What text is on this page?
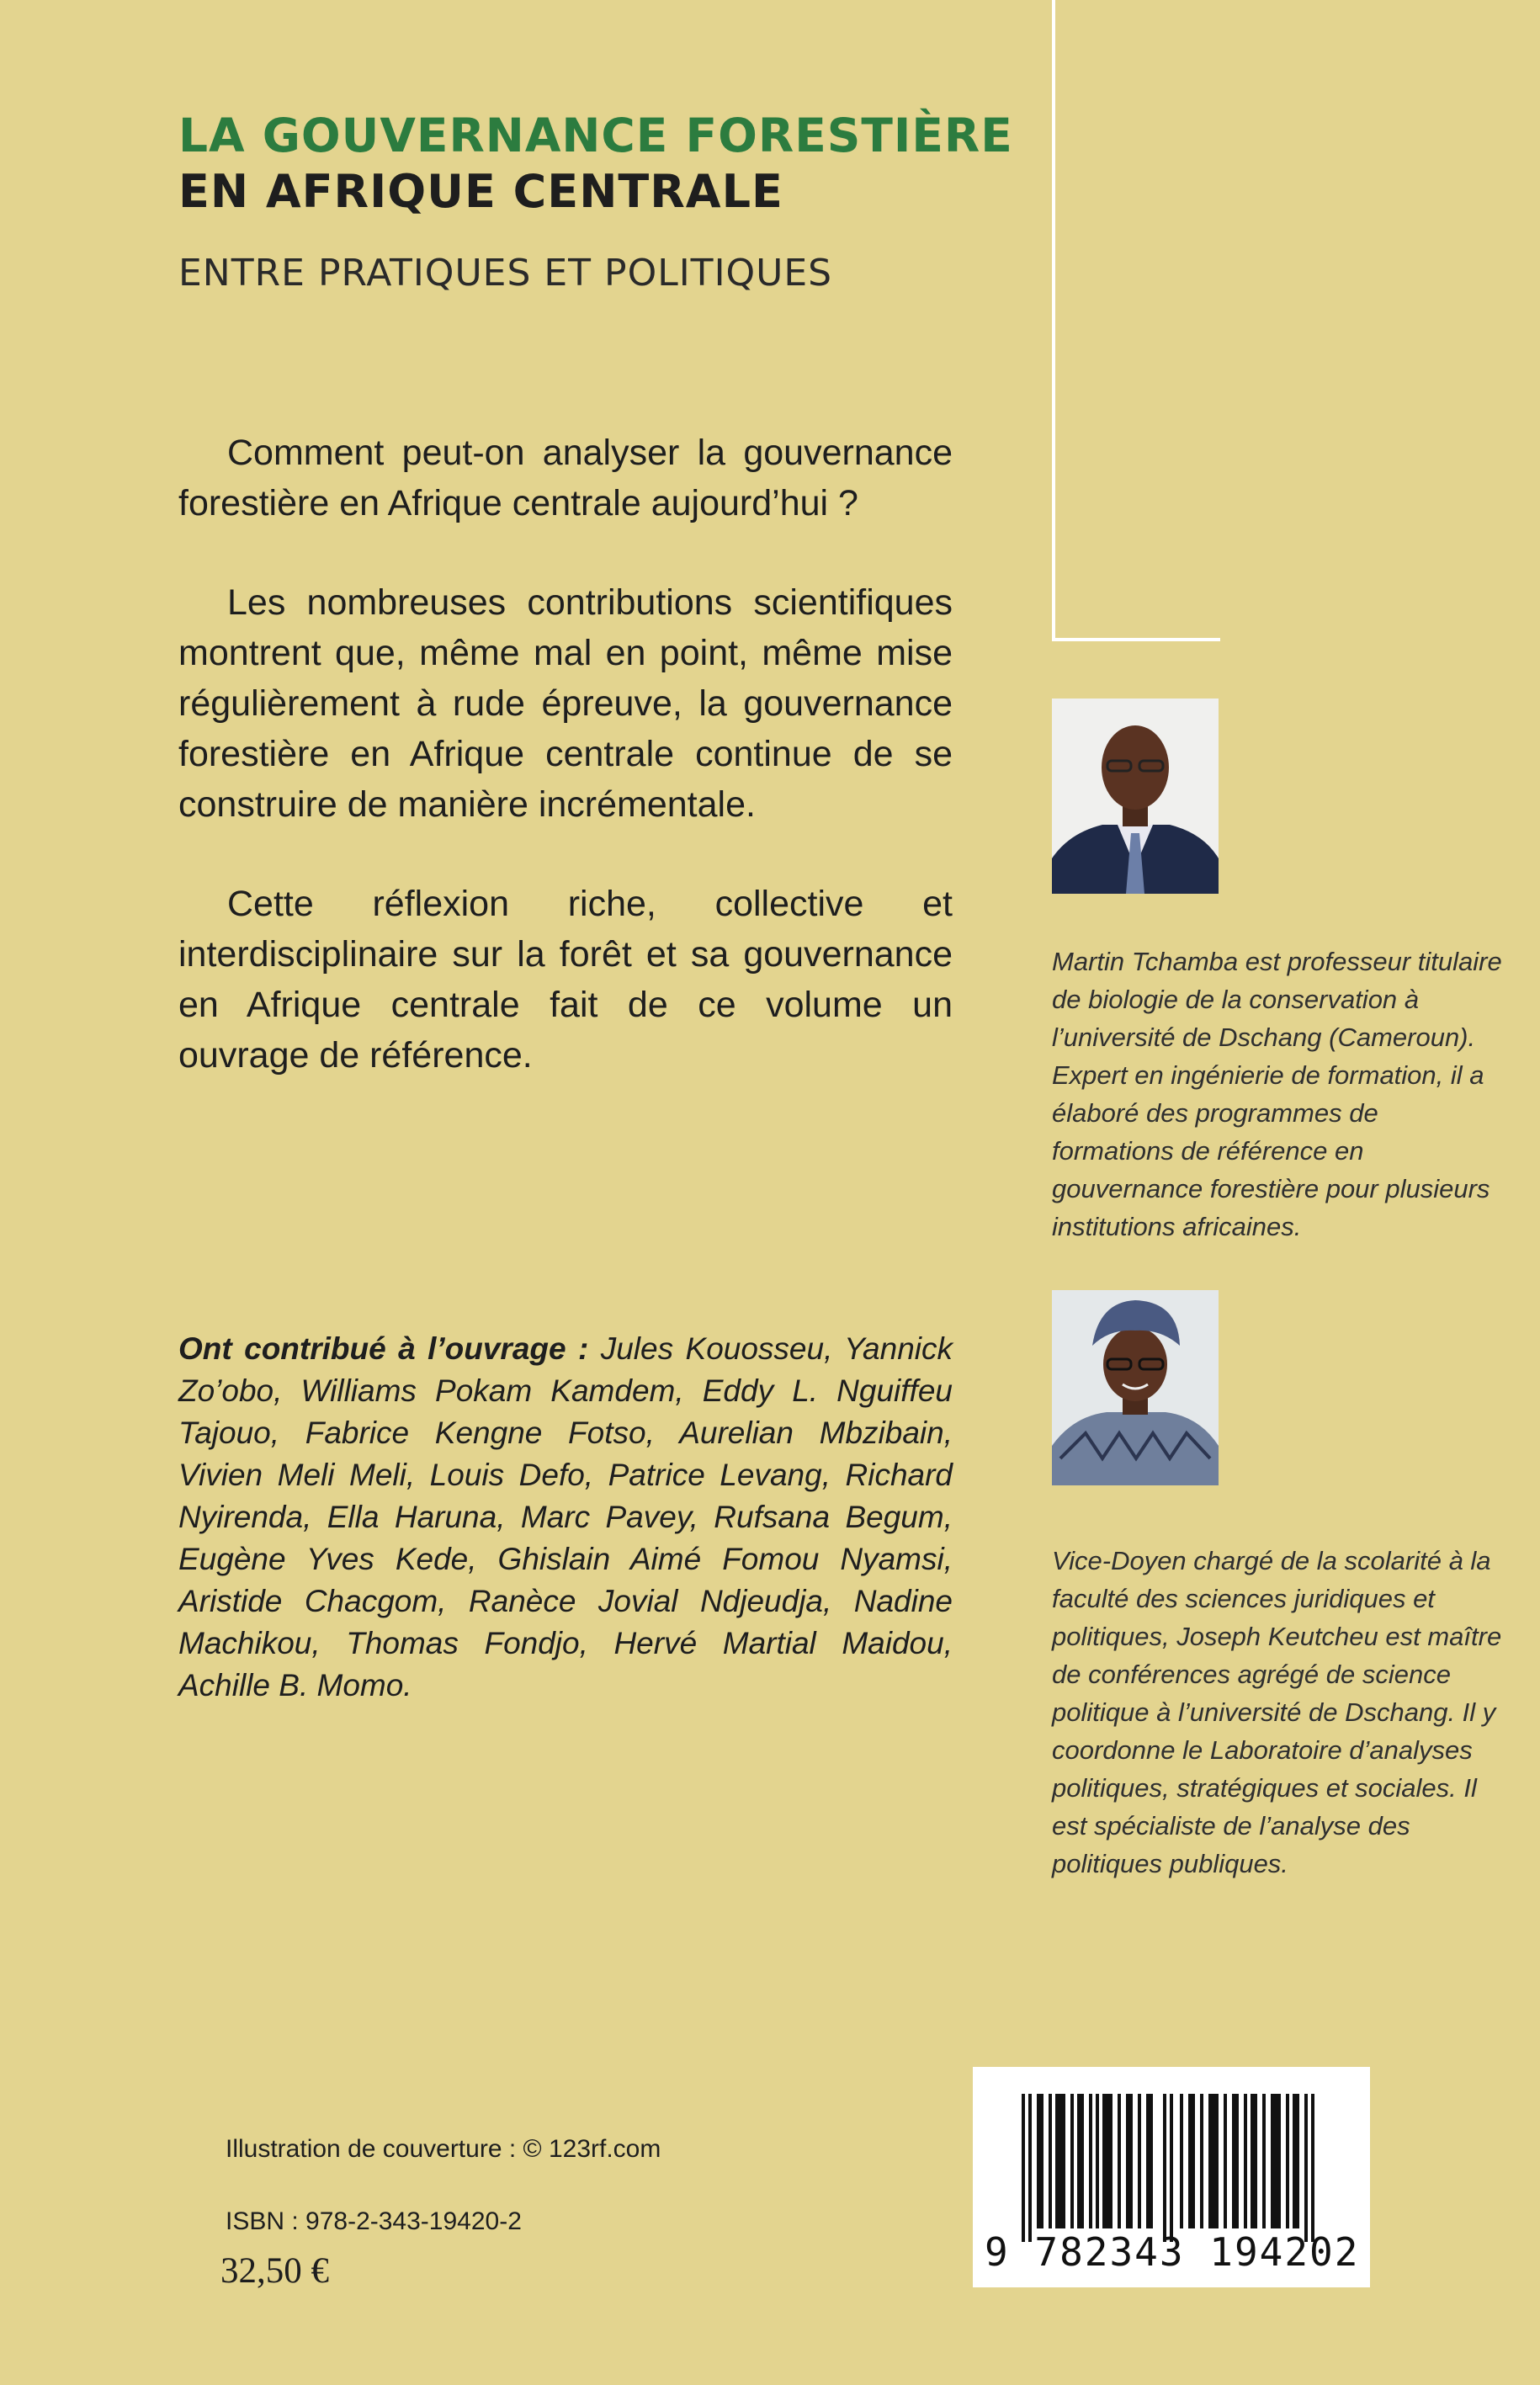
LA GOUVERNANCE FORESTIÈRE
EN AFRIQUE CENTRALE
ENTRE PRATIQUES ET POLITIQUES

Comment peut-on analyser la gouvernance forestière en Afrique centrale aujourd’hui ?

Les nombreuses contributions scientifiques montrent que, même mal en point, même mise régulièrement à rude épreuve, la gouvernance forestière en Afrique centrale continue de se construire de manière incrémentale.

Cette réflexion riche, collective et interdisciplinaire sur la forêt et sa gouvernance en Afrique centrale fait de ce volume un ouvrage de référence.

Ont contribué à l’ouvrage : Jules Kouosseu, Yannick Zo’obo, Williams Pokam Kamdem, Eddy L. Nguiffeu Tajouo, Fabrice Kengne Fotso, Aurelian Mbzibain, Vivien Meli Meli, Louis Defo, Patrice Levang, Richard Nyirenda, Ella Haruna, Marc Pavey, Rufsana Begum, Eugène Yves Kede, Ghislain Aimé Fomou Nyamsi, Aristide Chacgom, Ranèce Jovial Ndjeudja, Nadine Machikou, Thomas Fondjo, Hervé Martial Maidou, Achille B. Momo.

Martin Tchamba est professeur titulaire de biologie de la conservation à l’université de Dschang (Cameroun). Expert en ingénierie de formation, il a élaboré des programmes de formations de référence en gouvernance forestière pour plusieurs institutions africaines.

Vice-Doyen chargé de la scolarité à la faculté des sciences juridiques et politiques, Joseph Keutcheu est maître de conférences agrégé de science politique à l’université de Dschang. Il y coordonne le Laboratoire d’analyses politiques, stratégiques et sociales. Il est spécialiste de l’analyse des politiques publiques.

Illustration de couverture : © 123rf.com
ISBN : 978-2-343-19420-2
32,50 €	9 782343 194202
